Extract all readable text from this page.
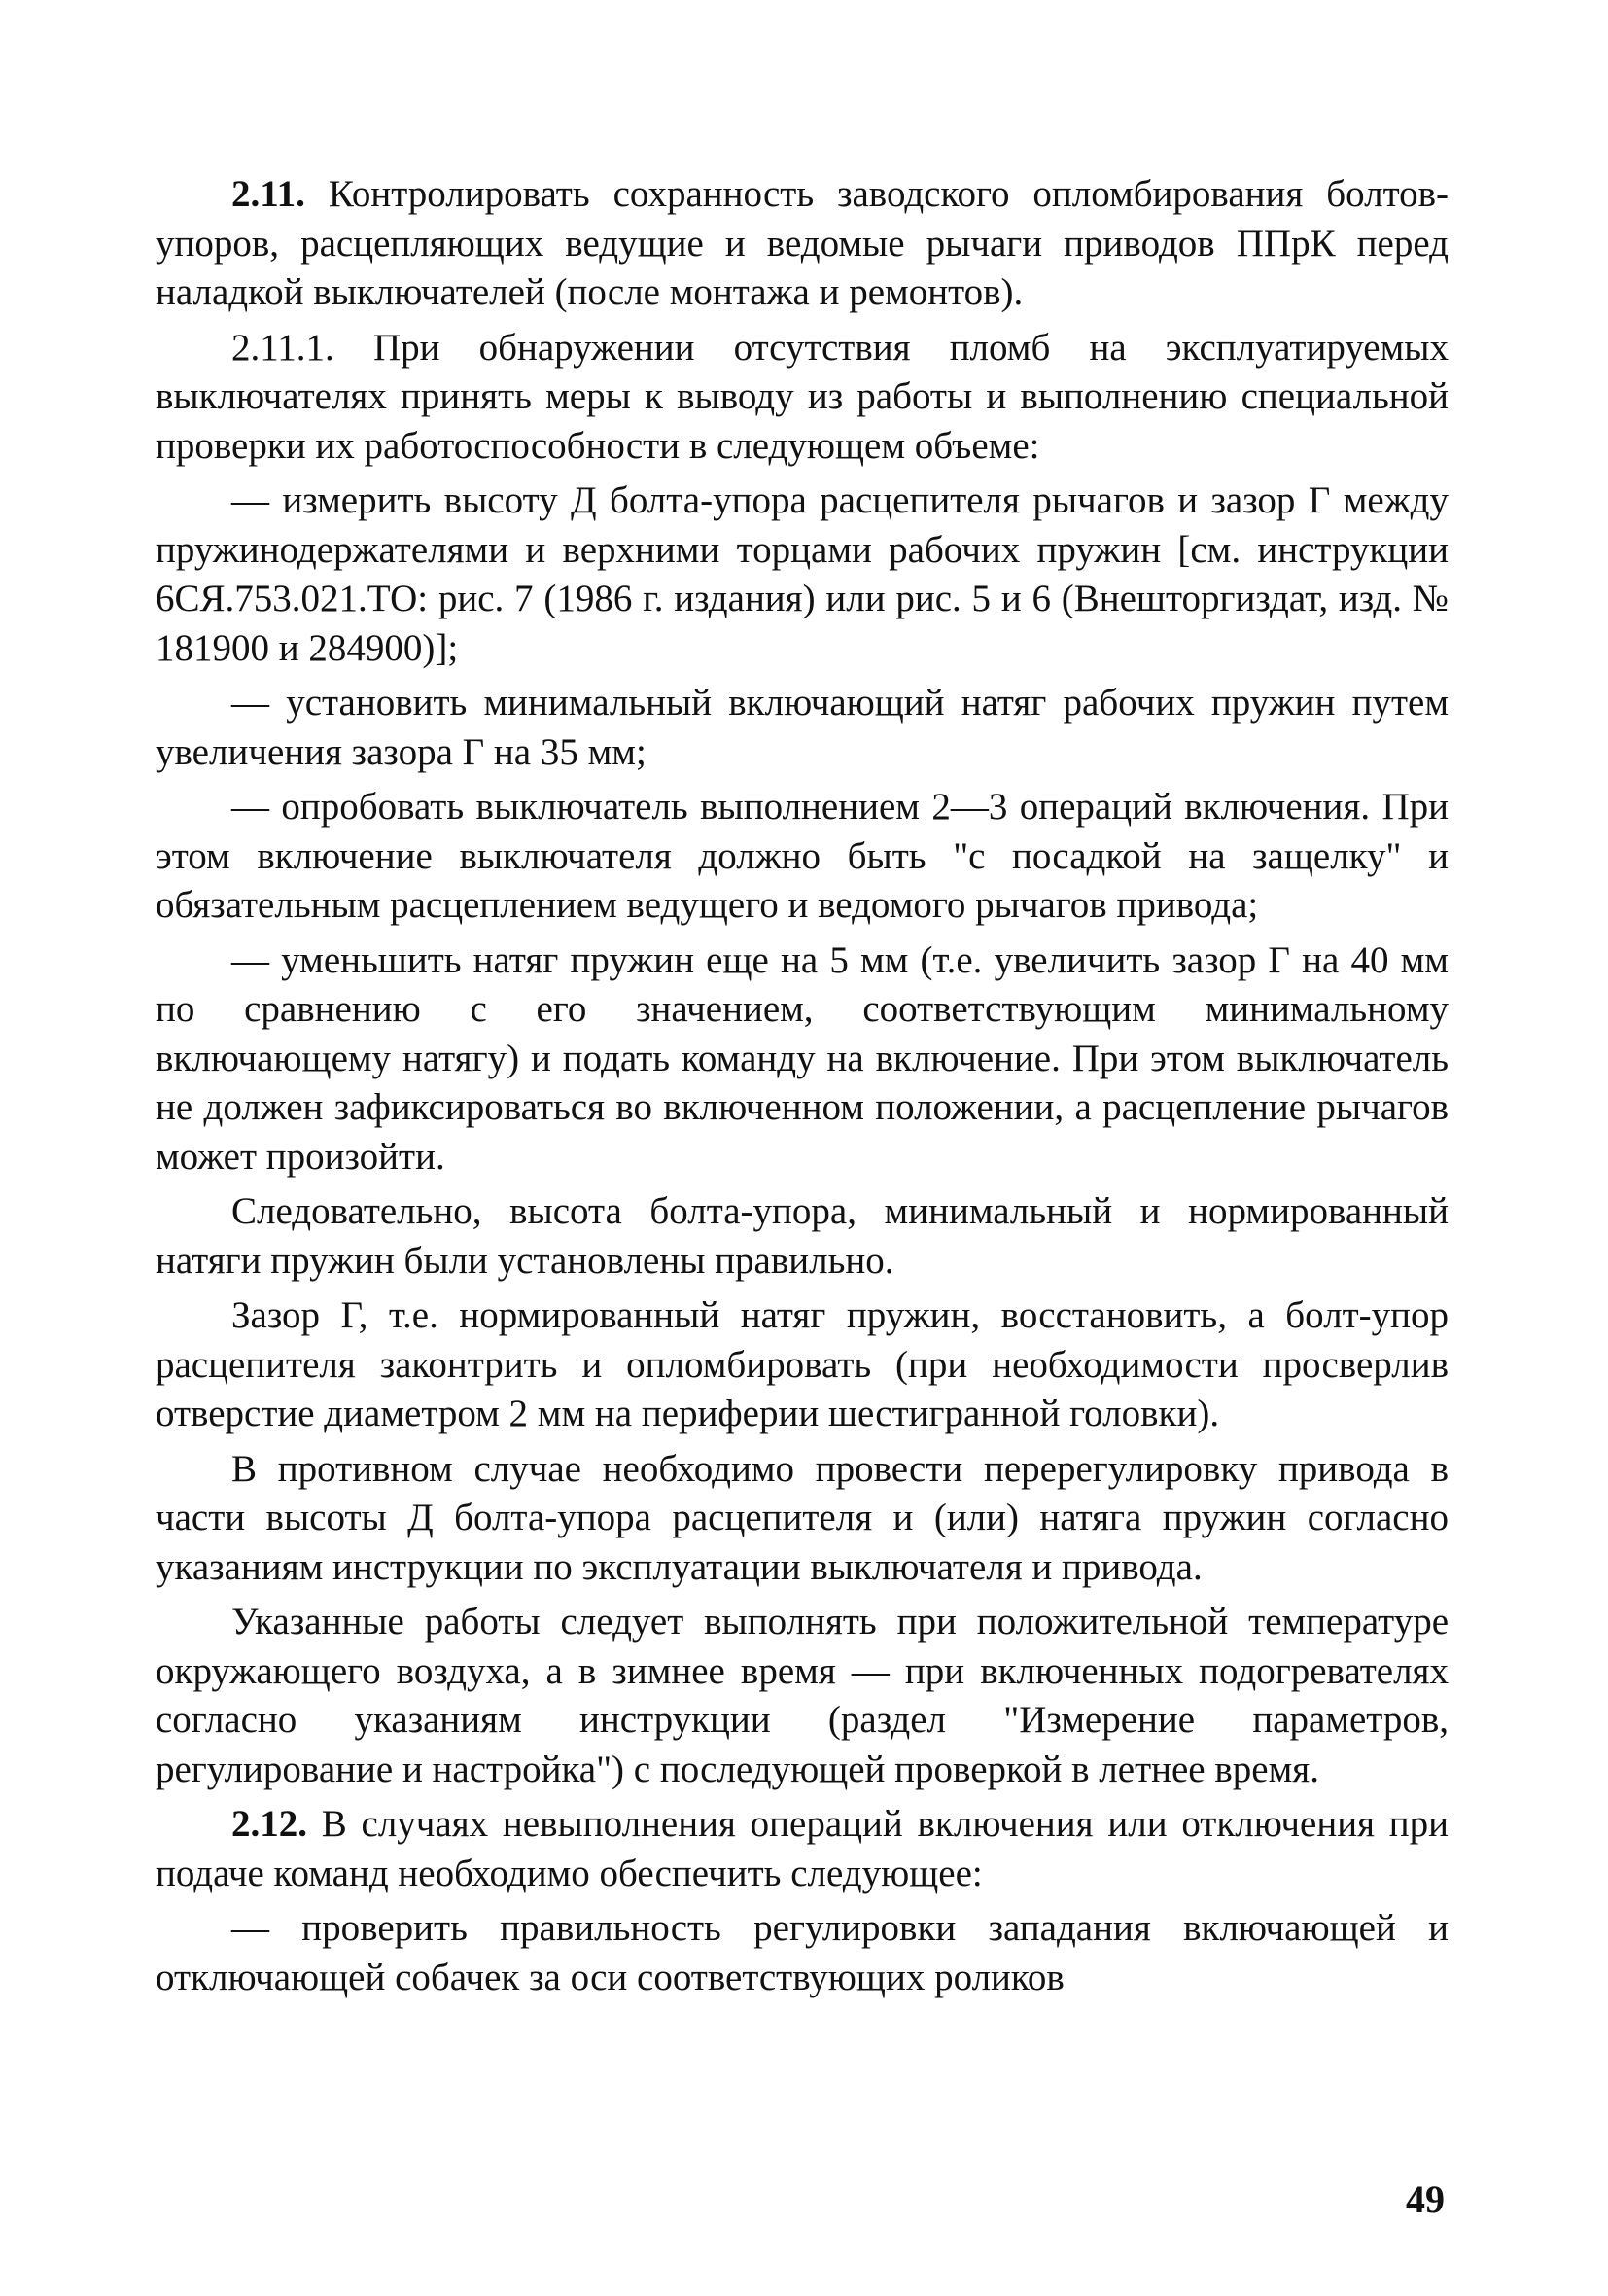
2.11. Контролировать сохранность заводского опломбирования болтов-упоров, расцепляющих ведущие и ведомые рычаги приводов ППрК перед наладкой выключателей (после монтажа и ремонтов).

2.11.1. При обнаружении отсутствия пломб на эксплуатируемых выключателях принять меры к выводу из работы и выполнению специальной проверки их работоспособности в следующем объеме:

— измерить высоту Д болта-упора расцепителя рычагов и зазор Г между пружинодержателями и верхними торцами рабочих пружин [см. инструкции 6СЯ.753.021.ТО: рис. 7 (1986 г. издания) или рис. 5 и 6 (Внешторгиздат, изд. № 181900 и 284900)];

— установить минимальный включающий натяг рабочих пружин путем увеличения зазора Г на 35 мм;

— опробовать выключатель выполнением 2—3 операций включения. При этом включение выключателя должно быть "с посадкой на защелку" и обязательным расцеплением ведущего и ведомого рычагов привода;

— уменьшить натяг пружин еще на 5 мм (т.е. увеличить зазор Г на 40 мм по сравнению с его значением, соответствующим минимальному включающему натягу) и подать команду на включение. При этом выключатель не должен зафиксироваться во включенном положении, а расцепление рычагов может произойти.

Следовательно, высота болта-упора, минимальный и нормированный натяги пружин были установлены правильно.

Зазор Г, т.е. нормированный натяг пружин, восстановить, а болт-упор расцепителя законтрить и опломбировать (при необходимости просверлив отверстие диаметром 2 мм на периферии шестигранной головки).

В противном случае необходимо провести перерегулировку привода в части высоты Д болта-упора расцепителя и (или) натяга пружин согласно указаниям инструкции по эксплуатации выключателя и привода.

Указанные работы следует выполнять при положительной температуре окружающего воздуха, а в зимнее время — при включенных подогревателях согласно указаниям инструкции (раздел "Измерение параметров, регулирование и настройка") с последующей проверкой в летнее время.

2.12. В случаях невыполнения операций включения или отключения при подаче команд необходимо обеспечить следующее:

— проверить правильность регулировки западания включающей и отключающей собачек за оси соответствующих роликов

49
